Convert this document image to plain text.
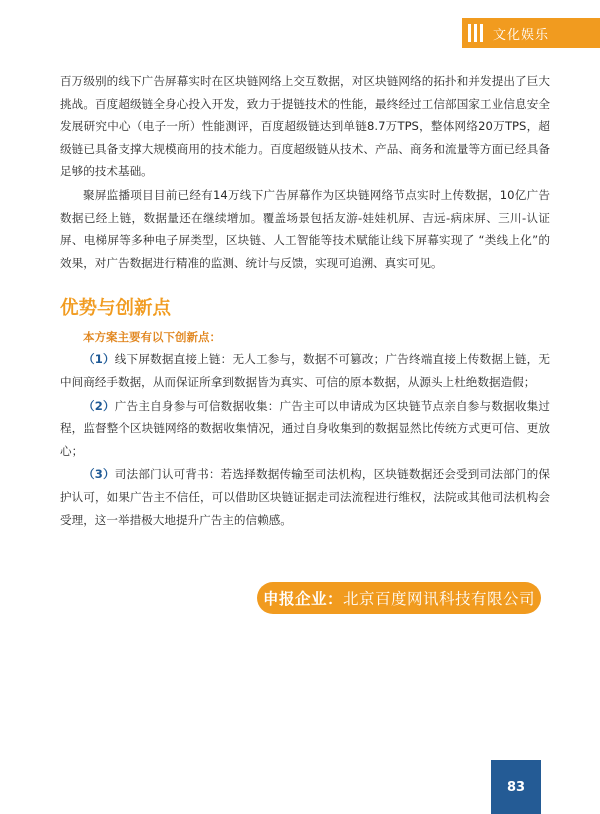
文化娱乐

百万级别的线下广告屏幕实时在区块链网络上交互数据，对区块链网络的拓扑和并发提出了巨大挑战。百度超级链全身心投入开发，致力于提链技术的性能，最终经过工信部国家工业信息安全发展研究中心（电子一所）性能测评，百度超级链达到单链8.7万TPS，整体网络20万TPS，超级链已具备支撑大规模商用的技术能力。百度超级链从技术、产品、商务和流量等方面已经具备足够的技术基础。

聚屏监播项目目前已经有14万线下广告屏幕作为区块链网络节点实时上传数据，10亿广告数据已经上链，数据量还在继续增加。覆盖场景包括友游-娃娃机屏、吉远-病床屏、三川-认证屏、电梯屏等多种电子屏类型，区块链、人工智能等技术赋能让线下屏幕实现了 “类线上化”的效果，对广告数据进行精准的监测、统计与反馈，实现可追溯、真实可见。

优势与创新点
本方案主要有以下创新点：

（1）线下屏数据直接上链：无人工参与，数据不可篡改；广告终端直接上传数据上链，无中间商经手数据，从而保证所拿到数据皆为真实、可信的原本数据，从源头上杜绝数据造假；

（2）广告主自身参与可信数据收集：广告主可以申请成为区块链节点亲自参与数据收集过程，监督整个区块链网络的数据收集情况，通过自身收集到的数据显然比传统方式更可信、更放心；

（3）司法部门认可背书：若选择数据传输至司法机构，区块链数据还会受到司法部门的保护认可，如果广告主不信任，可以借助区块链证据走司法流程进行维权，法院或其他司法机构会受理，这一举措极大地提升广告主的信赖感。

申报企业： 北京百度网讯科技有限公司
83
